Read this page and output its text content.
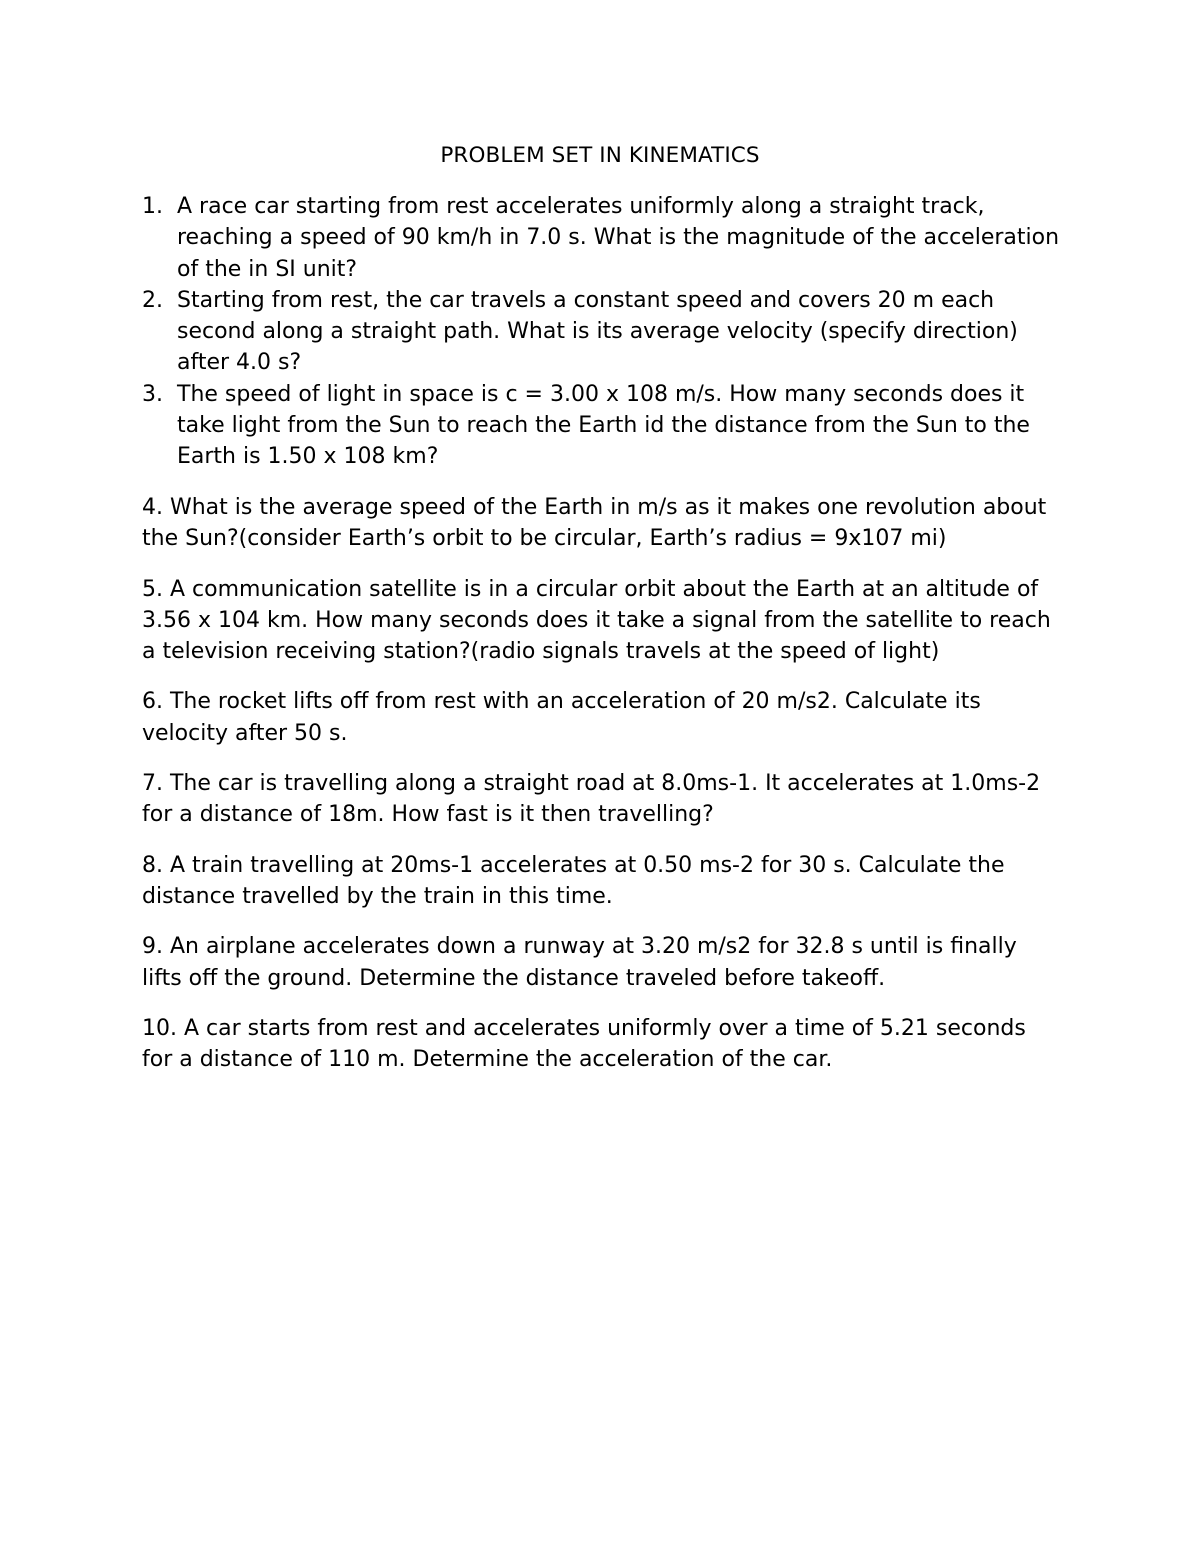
PROBLEM SET IN KINEMATICS
1. A race car starting from rest accelerates uniformly along a straight track, reaching a speed of 90 km/h in 7.0 s. What is the magnitude of the acceleration of the in SI unit?
2. Starting from rest, the car travels a constant speed and covers 20 m each second along a straight path. What is its average velocity (specify direction) after 4.0 s?
3. The speed of light in space is c = 3.00 x 108 m/s. How many seconds does it take light from the Sun to reach the Earth id the distance from the Sun to the Earth is 1.50 x 108 km?

4. What is the average speed of the Earth in m/s as it makes one revolution about the Sun?(consider Earth’s orbit to be circular, Earth’s radius = 9x107 mi)

5. A communication satellite is in a circular orbit about the Earth at an altitude of 3.56 x 104 km. How many seconds does it take a signal from the satellite to reach a television receiving station?(radio signals travels at the speed of light)

6. The rocket lifts off from rest with an acceleration of 20 m/s2. Calculate its velocity after 50 s.

7. The car is travelling along a straight road at 8.0ms-1. It accelerates at 1.0ms-2 for a distance of 18m. How fast is it then travelling?

8. A train travelling at 20ms-1 accelerates at 0.50 ms-2 for 30 s. Calculate the distance travelled by the train in this time.

9. An airplane accelerates down a runway at 3.20 m/s2 for 32.8 s until is finally lifts off the ground. Determine the distance traveled before takeoff.

10. A car starts from rest and accelerates uniformly over a time of 5.21 seconds for a distance of 110 m. Determine the acceleration of the car.
